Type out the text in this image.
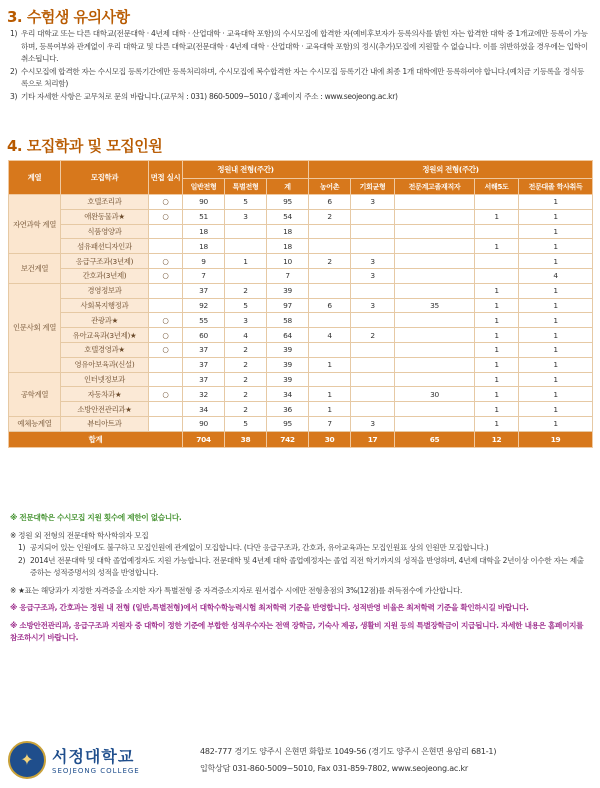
3. 수험생 유의사항
1) 우리 대학교 또는 다른 대학교(전문대학 · 4년제 대학 · 산업대학 · 교육대학 포함)의 수시모집에 합격한 자(예비후보자가 등록의사를 밝힌 자는 합격한 대학 중 1개교에만 등록이 가능하며, 등록여부와 관계없이 우리 대학교 및 다른 대학교(전문대학 · 4년제 대학 · 산업대학 · 교육대학 포함)의 정시(추가)모집에 지원할 수 없습니다. 이를 위반하였을 경우에는 입학이 취소됩니다.
2) 수시모집에 합격한 자는 수시모집 등록기간에만 등록처리하며, 수시모집에 복수합격한 자는 수시모집 등록기간 내에 최종 1개 대학에만 등록하여야 합니다.(예치금 기등록을 정식등록으로 처리함)
3) 기타 자세한 사항은 교무처로 문의 바랍니다.(교무처 : 031) 860-5009~5010 / 홈페이지 주소 : www.seojeong.ac.kr)
4. 모집학과 및 모집인원
계열	모집학과	면접 실시	정원내 전형(주간)			정원외 전형(주간)				
			일반전형	특별전형	계	농어촌	기회균형	전문계고졸재직자	서해5도	전문대졸 학사취득
자연과학 계열	호텔조리과	○	90	5	95	6	3			1
	애완동물과★	○	51	3	54	2			1	1
	식품영양과		18		18					1
	섬유패션디자인과		18		18				1	1
보건계열	응급구조과(3년제)	○	9	1	10	2	3			1
	간호과(3년제)	○	7		7		3			4
인문사회 계열	경영정보과		37	2	39				1	1
	사회복지행정과		92	5	97	6	3	35	1	1
	관광과★	○	55	3	58				1	1
	유아교육과(3년제)★	○	60	4	64	4	2		1	1
	호텔경영과★	○	37	2	39				1	1
	영유아보육과(신설)		37	2	39	1			1	1
공학계열	인터넷정보과		37	2	39				1	1
	자동차과★	○	32	2	34	1		30	1	1
	소방안전관리과★		34	2	36	1			1	1
예체능계열	뷰티아트과		90	5	95	7	3		1	1
합계			704	38	742	30	17	65	12	19
※ 전문대학은 수시모집 지원 횟수에 제한이 없습니다.
※ 정원 외 전형의 전문대학 학사학위자 모집
1) 공지되어 있는 인원에도 불구하고 모집인원에 관계없이 모집합니다. (다만 응급구조과, 간호과, 유아교육과는 모집인원표 상의 인원만 모집합니다.)
2) 2014년 전문대학 및 대학 졸업예정자도 지원 가능합니다. 전문대학 및 4년제 대학 졸업예정자는 졸업 직전 학기까지의 성적을 반영하며, 4년제 대학을 2년이상 이수한 자는 제출증하는 성적증명서의 성적을 반영합니다.
※ ★표는 해당과가 지정한 자격증을 소지한 자가 특별전형 중 자격증소지자로 원서접수 시에만 전형총점의 3%(12점)를 취득점수에 가산합니다.
※ 응급구조과, 간호과는 정원 내 전형 (일반,특별전형)에서 대학수학능력시험 최저학력 기준을 반영합니다. 성적반영 비율은 최저학력 기준을 확인하시길 바랍니다.
※ 소방안전관리과, 응급구조과 지원자 중 대학이 정한 기준에 부합한 성적우수자는 전액 장학금, 기숙사 제공, 생활비 지원 등의 특별장학금이 지급됩니다. 자세한 내용은 홈페이지를 참조하시기 바랍니다.
✦ 서정대학교
SEOJEONG COLLEGE
482-777 경기도 양주시 은현면 화합로 1049-56 (경기도 양주시 은현면 용암리 681-1)
입학상담 031-860-5009~5010, Fax 031-859-7802, www.seojeong.ac.kr
